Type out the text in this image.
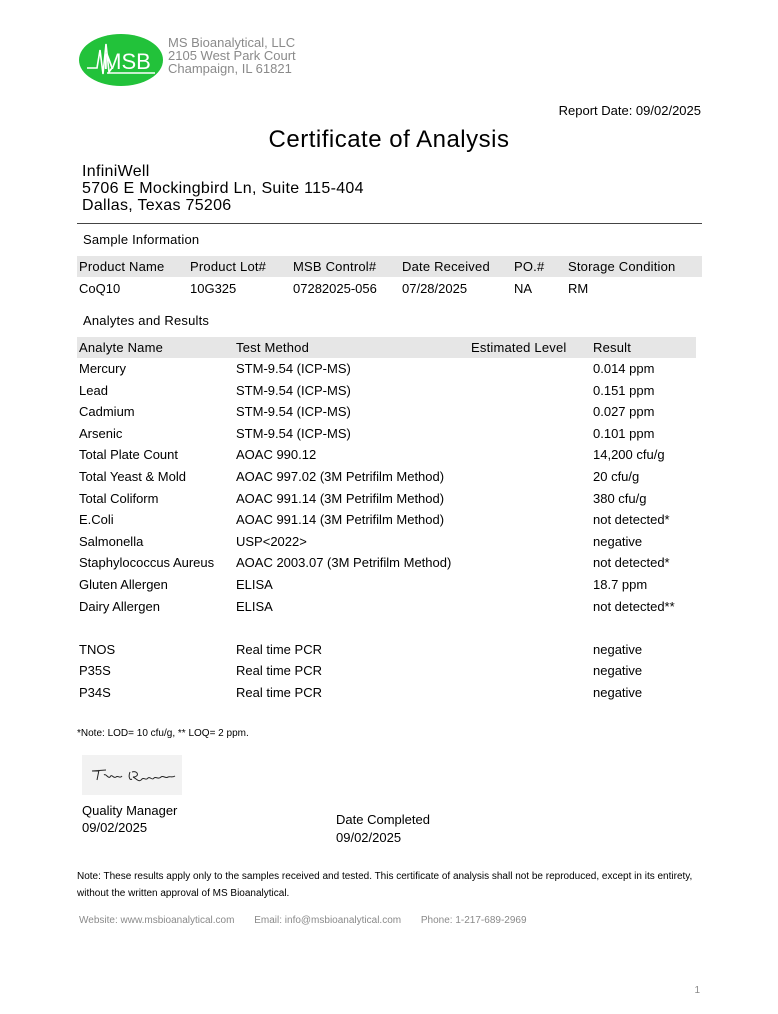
MSB
MS Bioanalytical, LLC
2105 West Park Court
Champaign, IL 61821
Report Date: 09/02/2025
Certificate of Analysis
InfiniWell
5706 E Mockingbird Ln, Suite 115-404
Dallas, Texas 75206
Sample Information
Product Name Product Lot# MSB Control# Date Received PO.# Storage Condition
CoQ10	10G325	07282025-056 07/28/2025	NA	RM
Analytes and Results
Analyte Name	Test Method	Estimated Level Result
Mercury	STM-9.54 (ICP-MS)	0.014 ppm
Lead	STM-9.54 (ICP-MS)	0.151 ppm
Cadmium	STM-9.54 (ICP-MS)	0.027 ppm
Arsenic	STM-9.54 (ICP-MS)	0.101 ppm
Total Plate Count	AOAC 990.12	14,200 cfu/g
Total Yeast & Mold	AOAC 997.02 (3M Petrifilm Method)	20 cfu/g
Total Coliform	AOAC 991.14 (3M Petrifilm Method)	380 cfu/g
E.Coli	AOAC 991.14 (3M Petrifilm Method)	not detected*
Salmonella	USP<2022>	negative
Staphylococcus Aureus AOAC 2003.07 (3M Petrifilm Method)	not detected*
Gluten Allergen	ELISA	18.7 ppm
Dairy Allergen	ELISA	not detected**
TNOS	Real time PCR	negative
P35S	Real time PCR	negative
P34S	Real time PCR	negative
*Note: LOD= 10 cfu/g, ** LOQ= 2 ppm.
Quality Manager
09/02/2025
Date Completed
09/02/2025
Note: These results apply only to the samples received and tested. This certificate of analysis shall not be reproduced, except in its entirety, without the written approval of MS Bioanalytical.
Website: www.msbioanalytical.com Email: info@msbioanalytical.com Phone: 1-217-689-2969
1
